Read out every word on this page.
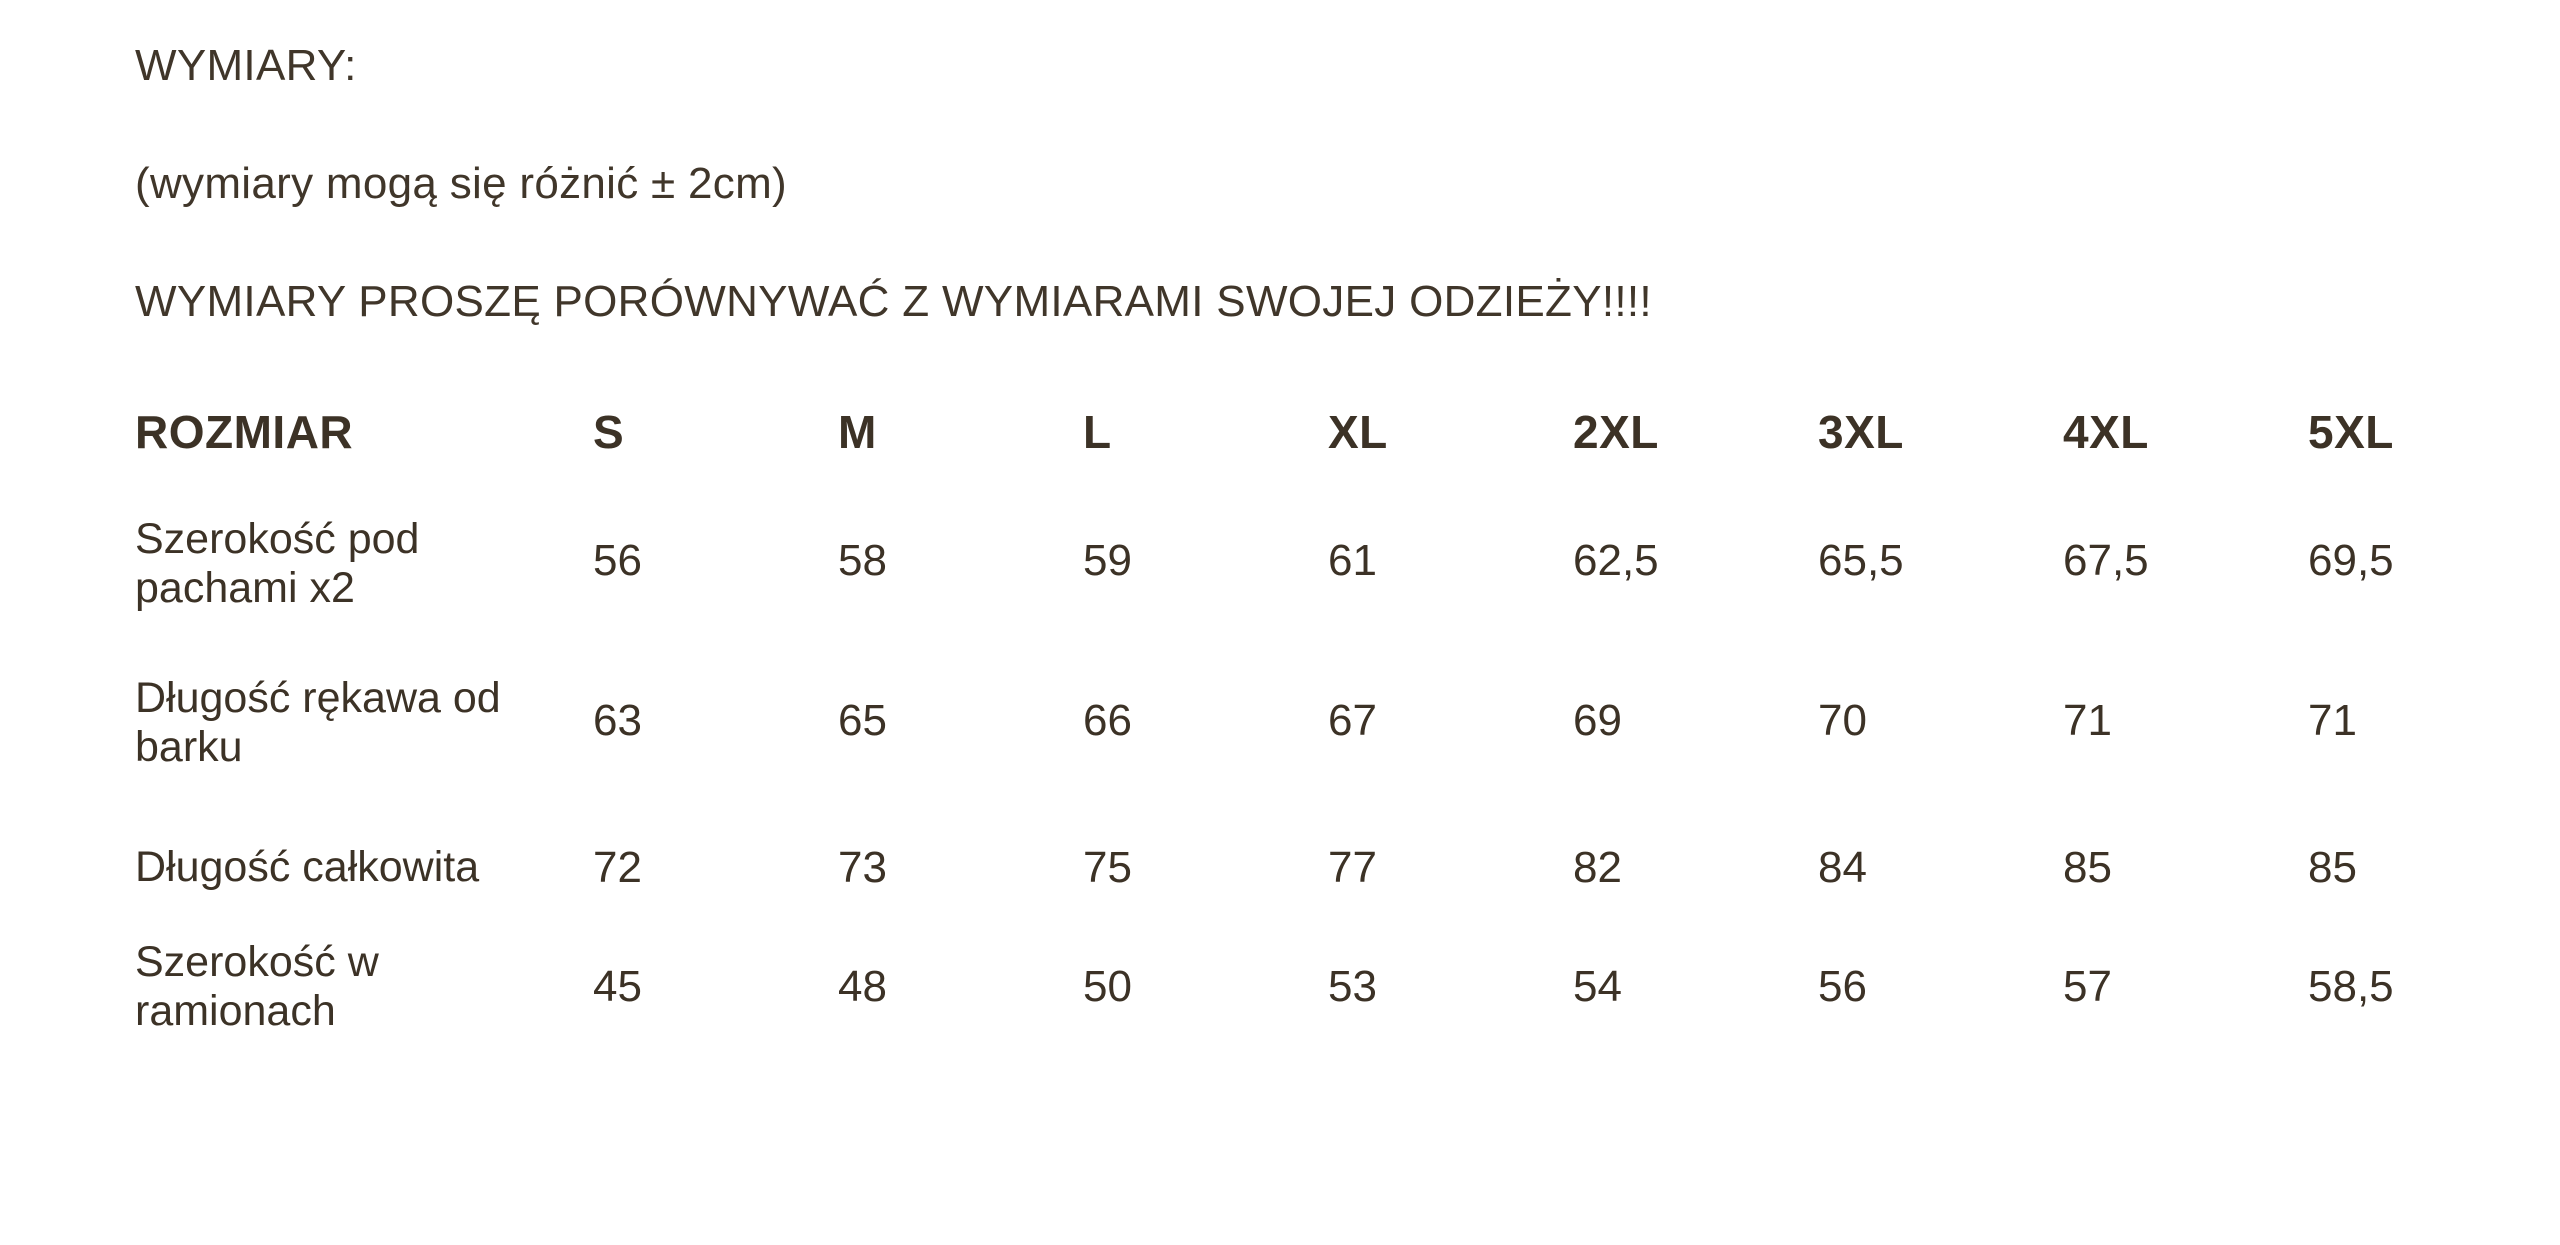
WYMIARY:
(wymiary mogą się różnić ± 2cm)
WYMIARY PROSZĘ PORÓWNYWAĆ Z WYMIARAMI SWOJEJ ODZIEŻY!!!!
ROZMIAR	S	M	L	XL	2XL	3XL	4XL	5XL
Szerokość pod pachami x2	56	58	59	61	62,5	65,5	67,5	69,5
Długość rękawa od barku	63	65	66	67	69	70	71	71
Długość całkowita	72	73	75	77	82	84	85	85
Szerokość w ramionach	45	48	50	53	54	56	57	58,5
